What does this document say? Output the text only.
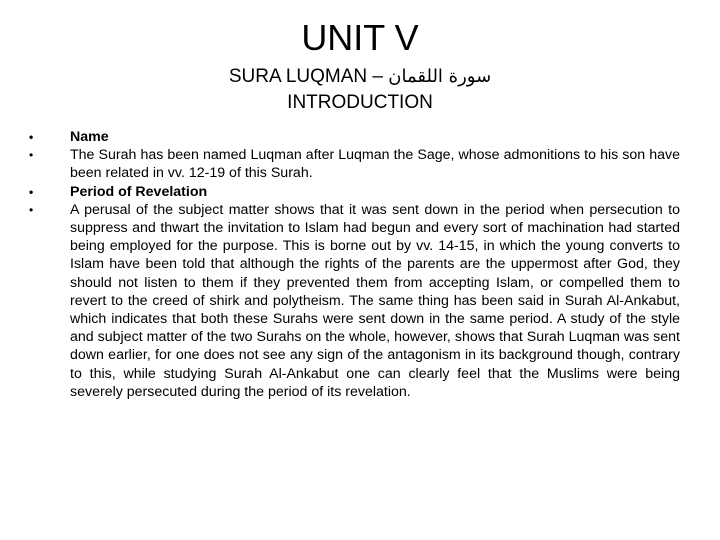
UNIT V
SURA LUQMAN – سورة اللقمان
INTRODUCTION
•	Name
•	The Surah has been named Luqman after Luqman the Sage, whose admonitions to his son have been related in vv. 12-19 of this Surah.
•	Period of Revelation
•	A perusal of the subject matter shows that it was sent down in the period when persecution to suppress and thwart the invitation to Islam had begun and every sort of machination had started being employed for the purpose. This is borne out by vv. 14-15, in which the young converts to Islam have been told that although the rights of the parents are the uppermost after God, they should not listen to them if they prevented them from accepting Islam, or compelled them to revert to the creed of shirk and polytheism. The same thing has been said in Surah Al-Ankabut, which indicates that both these Surahs were sent down in the same period. A study of the style and subject matter of the two Surahs on the whole, however, shows that Surah Luqman was sent down earlier, for one does not see any sign of the antagonism in its background though, contrary to this, while studying Surah Al-Ankabut one can clearly feel that the Muslims were being severely persecuted during the period of its revelation.
